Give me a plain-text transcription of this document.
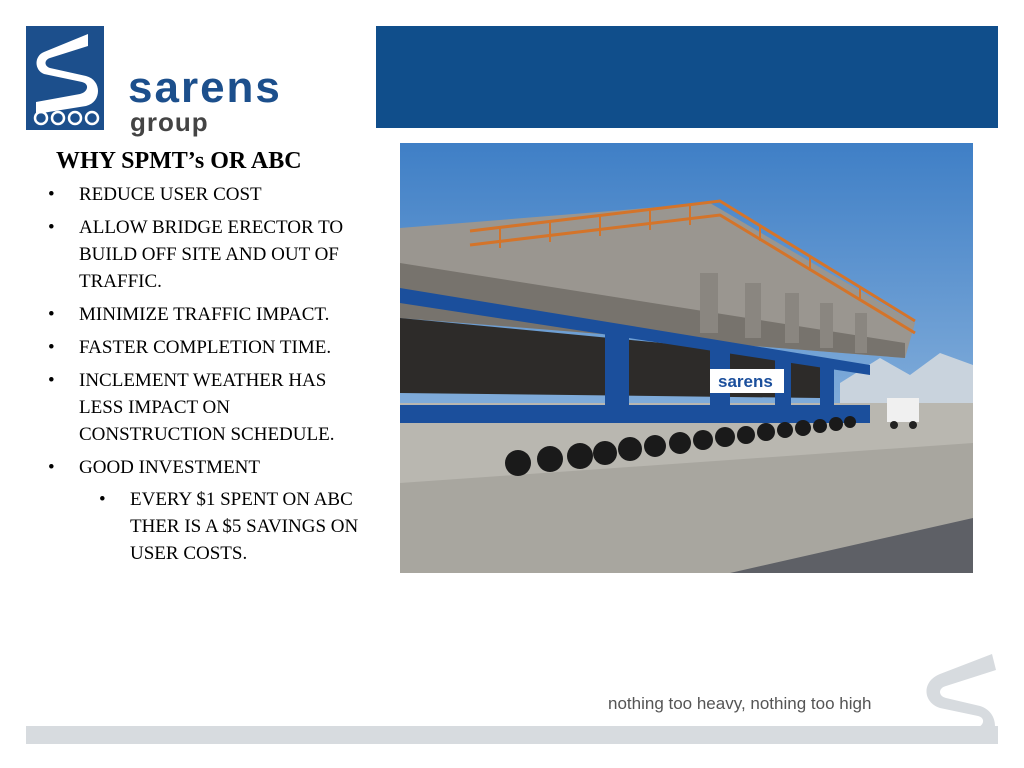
sarens
group
WHY SPMT’s OR ABC
• REDUCE USER COST
• ALLOW BRIDGE ERECTOR TO BUILD OFF SITE AND OUT OF TRAFFIC.
• MINIMIZE TRAFFIC IMPACT.
• FASTER COMPLETION TIME.
• INCLEMENT WEATHER HAS LESS IMPACT ON CONSTRUCTION SCHEDULE.
• GOOD INVESTMENT
• EVERY $1 SPENT ON ABC THER IS A $5 SAVINGS ON USER COSTS.
sarens
nothing too heavy, nothing too high
